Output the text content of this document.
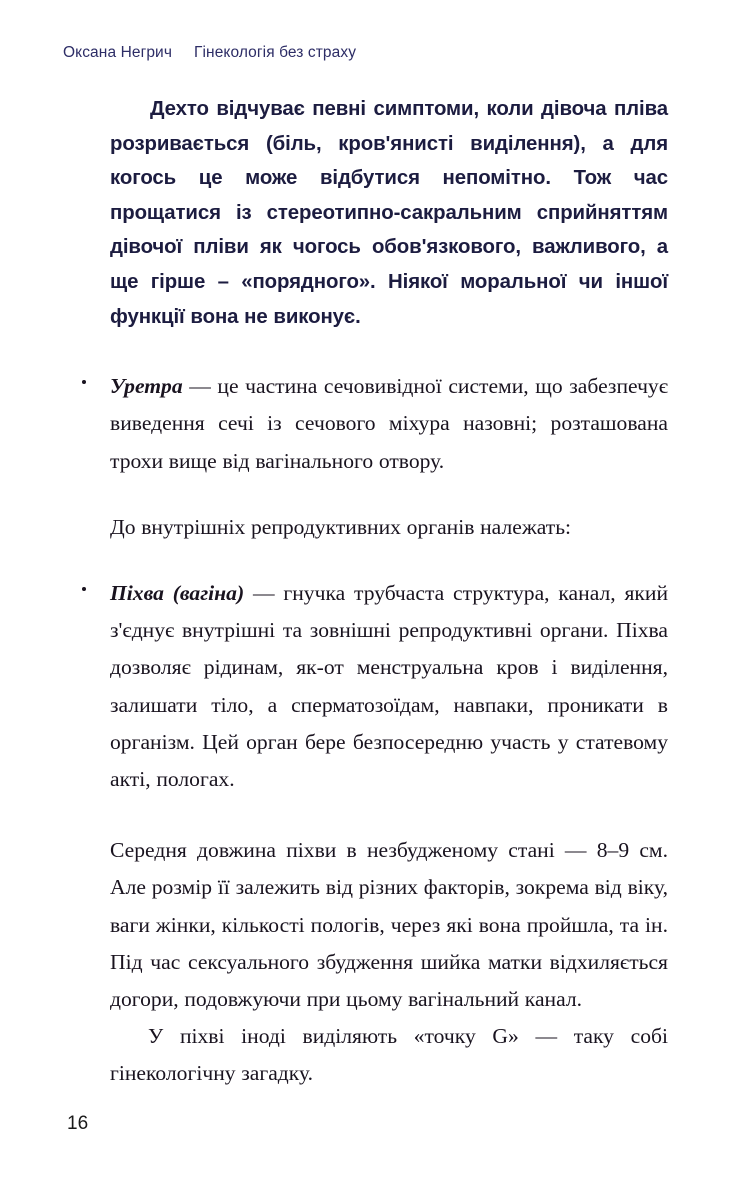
Оксана Негрич Гінекологія без страху

Дехто відчуває певні симптоми, коли дівоча пліва розривається (біль, кров'янисті виділення), а для когось це може відбутися непомітно. Тож час прощатися із стереотипно-сакральним сприйняттям дівочої пліви як чогось обов'язкового, важливого, а ще гірше – «порядного». Ніякої моральної чи іншої функції вона не виконує.

Уретра — це частина сечовивідної системи, що забезпечує виведення сечі із сечового міхура назовні; розташована трохи вище від вагінального отвору.

До внутрішніх репродуктивних органів належать:

Піхва (вагіна) — гнучка трубчаста структура, канал, який з'єднує внутрішні та зовнішні репродуктивні органи. Піхва дозволяє рідинам, як-от менструальна кров і виділення, залишати тіло, а сперматозоїдам, навпаки, проникати в організм. Цей орган бере безпосередню участь у статевому акті, пологах.

Середня довжина піхви в незбудженому стані — 8–9 см. Але розмір її залежить від різних факторів, зокрема від віку, ваги жінки, кількості пологів, через які вона пройшла, та ін. Під час сексуального збудження шийка матки відхиляється догори, подовжуючи при цьому вагінальний канал.

У піхві іноді виділяють «точку G» — таку собі гінекологічну загадку.

16
